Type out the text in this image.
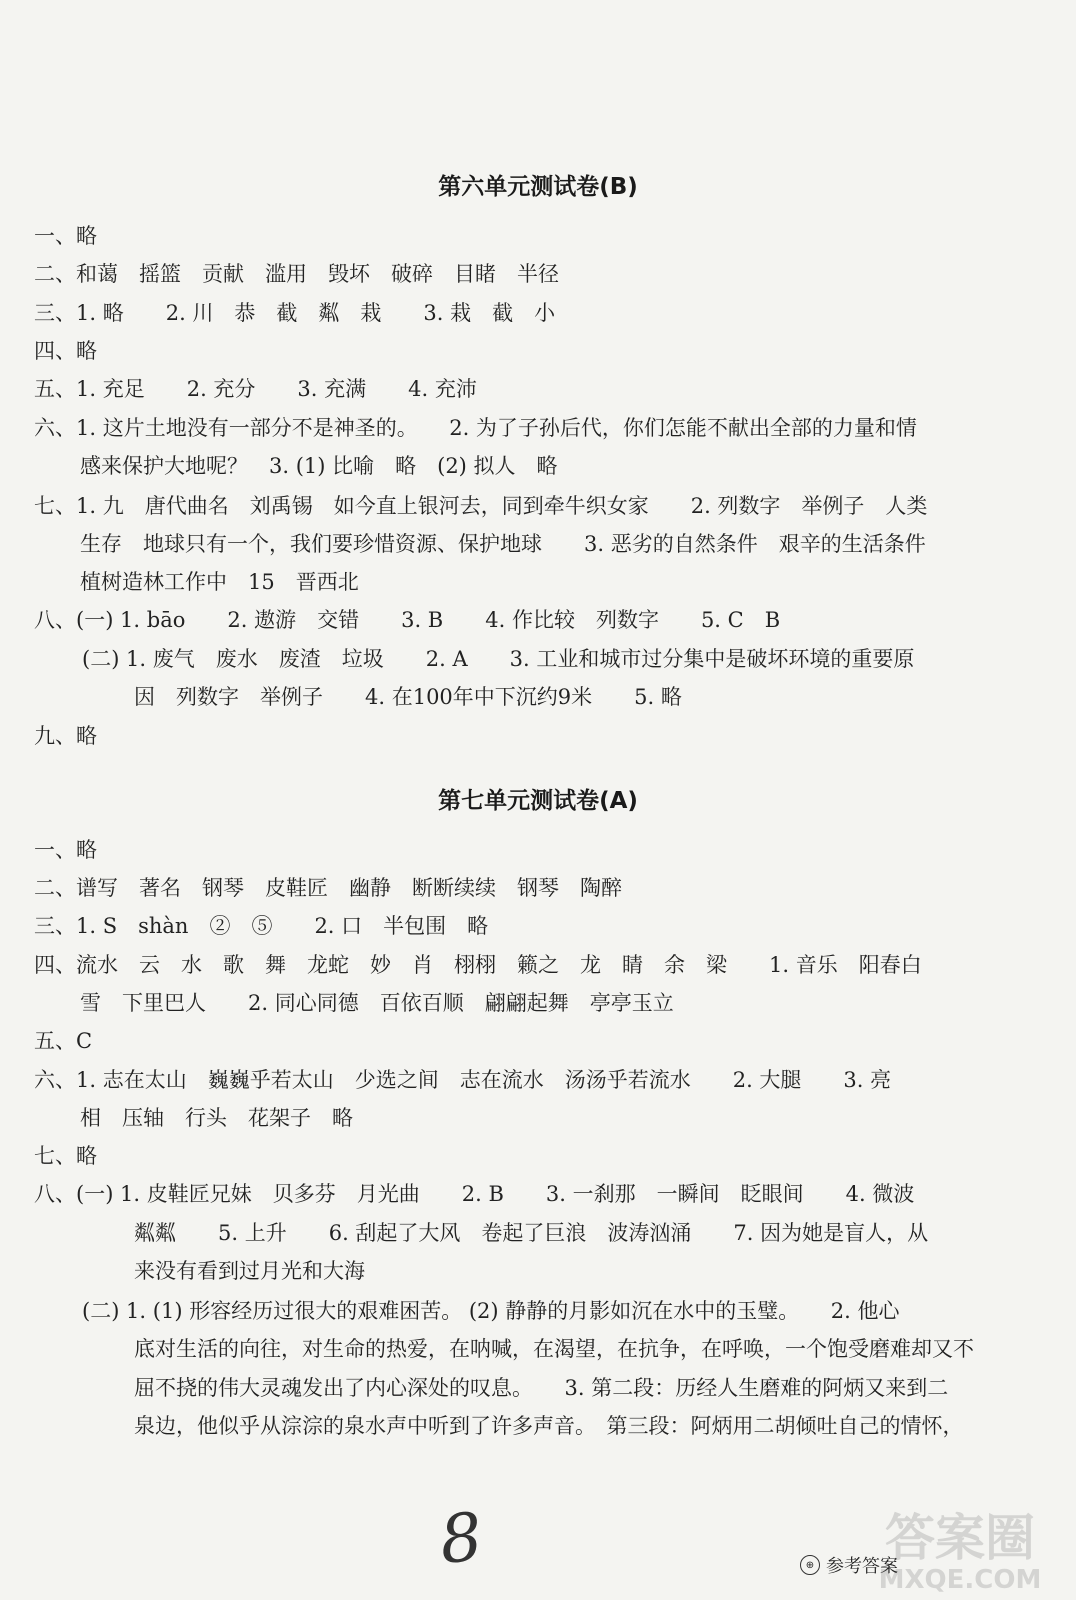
第六单元测试卷(B)
一、略
二、和蔼　摇篮　贡献　滥用　毁坏　破碎　目睹　半径
三、1. 略　　2. 川　恭　截　粼　栽　　3. 栽　截　小
四、略
五、1. 充足　　2. 充分　　3. 充满　　4. 充沛
六、1. 这片土地没有一部分不是神圣的。　　2. 为了子孙后代，你们怎能不献出全部的力量和情
感来保护大地呢？　3. (1) 比喻　略　(2) 拟人　略
七、1. 九　唐代曲名　刘禹锡　如今直上银河去，同到牵牛织女家　　2. 列数字　举例子　人类
生存　地球只有一个，我们要珍惜资源、保护地球　　3. 恶劣的自然条件　艰辛的生活条件
植树造林工作中　15　晋西北
八、(一) 1. bāo　　2. 遨游　交错　　3. B　　4. 作比较　列数字　　5. C　B
(二) 1. 废气　废水　废渣　垃圾　　2. A　　3. 工业和城市过分集中是破坏环境的重要原
因　列数字　举例子　　4. 在100年中下沉约9米　　5. 略
九、略
第七单元测试卷(A)
一、略
二、谱写　著名　钢琴　皮鞋匠　幽静　断断续续　钢琴　陶醉
三、1. S　shàn　②　⑤　　2. 口　半包围　略
四、流水　云　水　歌　舞　龙蛇　妙　肖　栩栩　籁之　龙　睛　余　梁　　1. 音乐　阳春白
雪　下里巴人　　2. 同心同德　百依百顺　翩翩起舞　亭亭玉立
五、C
六、1. 志在太山　巍巍乎若太山　少选之间　志在流水　汤汤乎若流水　　2. 大腿　　3. 亮
相　压轴　行头　花架子　略
七、略
八、(一) 1. 皮鞋匠兄妹　贝多芬　月光曲　　2. B　　3. 一刹那　一瞬间　眨眼间　　4. 微波
粼粼　　5. 上升　　6. 刮起了大风　卷起了巨浪　波涛汹涌　　7. 因为她是盲人，从
来没有看到过月光和大海
(二) 1. (1) 形容经历过很大的艰难困苦。 (2) 静静的月影如沉在水中的玉璧。　　2. 他心
底对生活的向往，对生命的热爱，在呐喊，在渴望，在抗争，在呼唤，一个饱受磨难却又不
屈不挠的伟大灵魂发出了内心深处的叹息。　　3. 第二段：历经人生磨难的阿炳又来到二
泉边，他似乎从淙淙的泉水声中听到了许多声音。　第三段：阿炳用二胡倾吐自己的情怀，
8	⊕ 参考答案
答案圈
MXQE.COM
